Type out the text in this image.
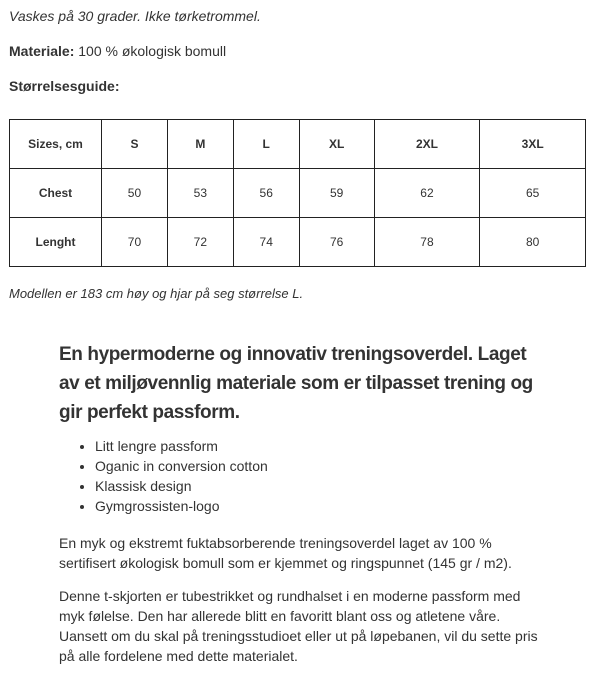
Vaskes på 30 grader. Ikke tørketrommel.
Materiale: 100 % økologisk bomull
Størrelsesguide:
Sizes, cm	S	M	L	XL	2XL	3XL
Chest	50	53	56	59	62	65
Lenght	70	72	74	76	78	80
Modellen er 183 cm høy og hjar på seg størrelse L.
En hypermoderne og innovativ treningsoverdel. Laget av et miljøvennlig materiale som er tilpasset trening og gir perfekt passform.
• Litt lengre passform
• Oganic in conversion cotton
• Klassisk design
• Gymgrossisten-logo

En myk og ekstremt fuktabsorberende treningsoverdel laget av 100 % sertifisert økologisk bomull som er kjemmet og ringspunnet (145 gr / m2).

Denne t-skjorten er tubestrikket og rundhalset i en moderne passform med myk følelse. Den har allerede blitt en favoritt blant oss og atletene våre. Uansett om du skal på treningsstudioet eller ut på løpebanen, vil du sette pris på alle fordelene med dette materialet.
